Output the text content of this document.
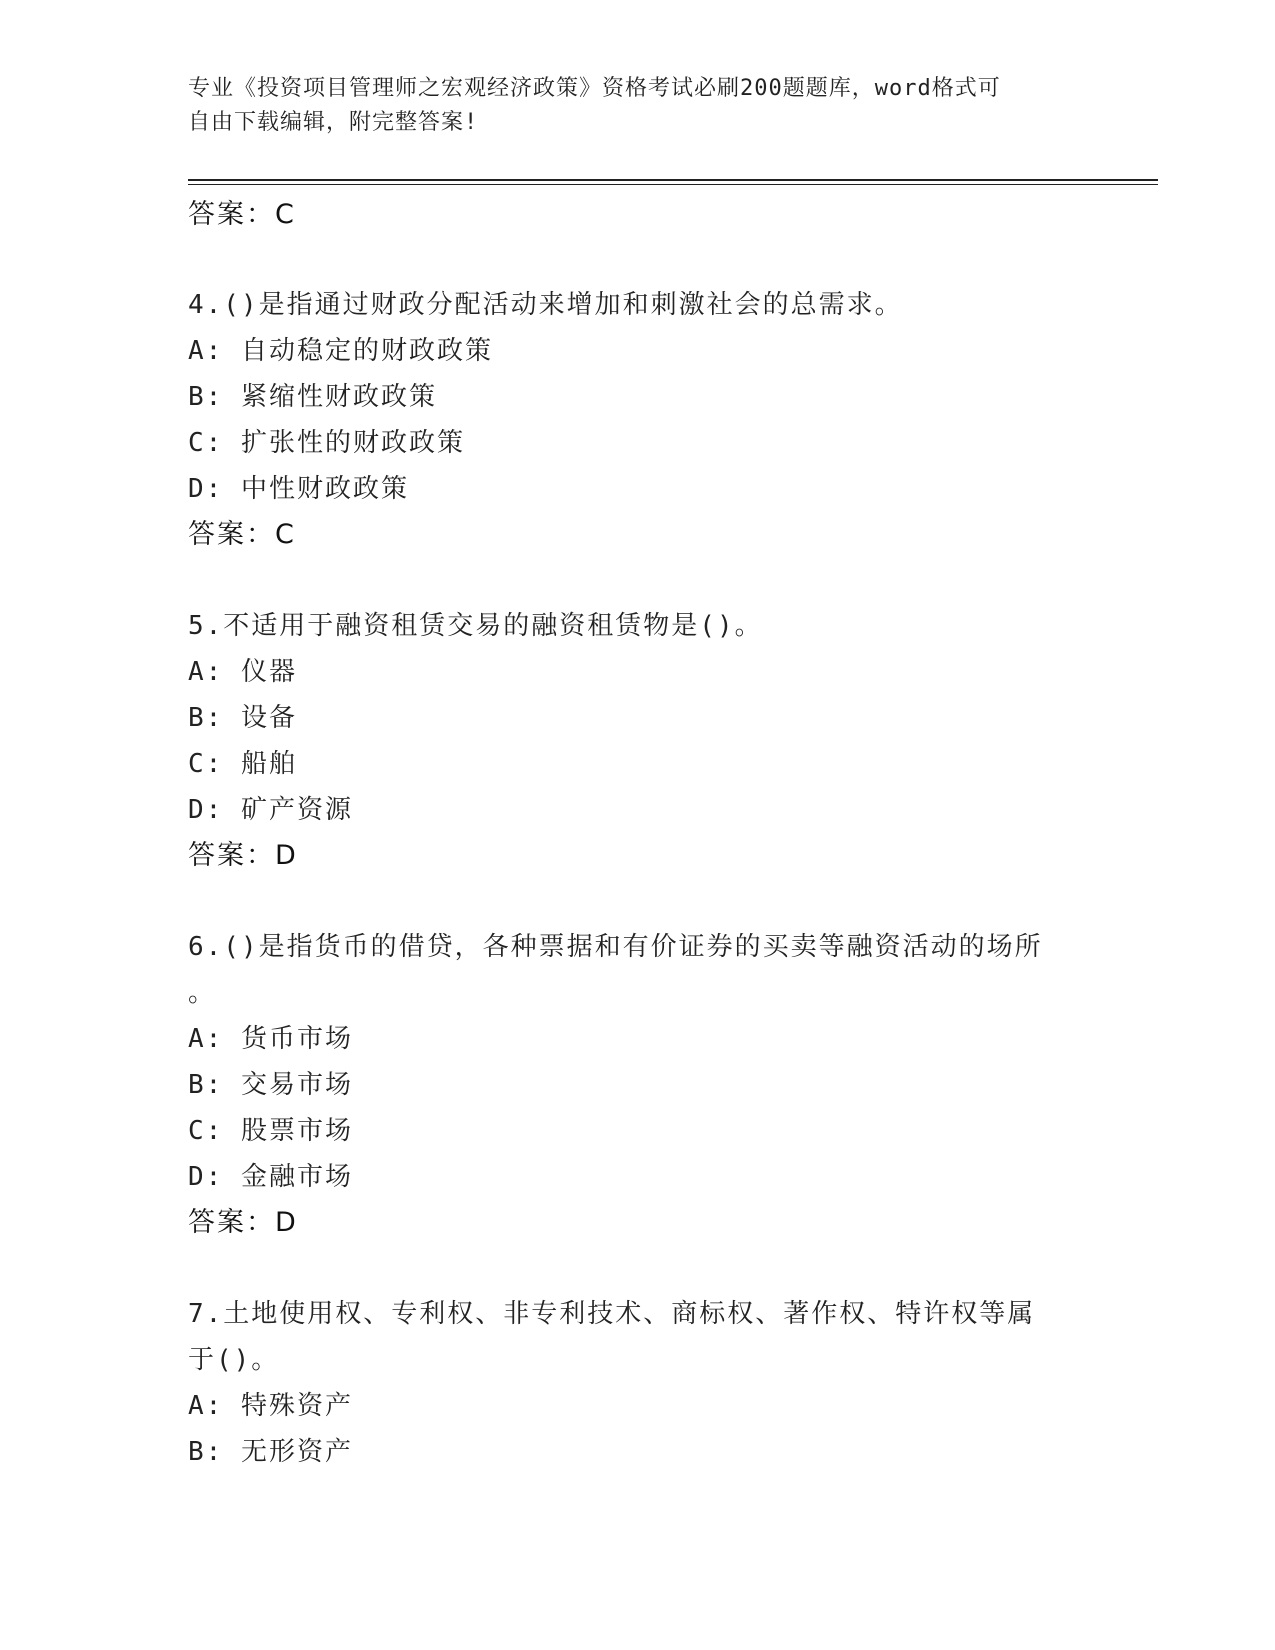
专业《投资项目管理师之宏观经济政策》资格考试必刷200题题库，word格式可
自由下载编辑，附完整答案!
答案：C
4.()是指通过财政分配活动来增加和刺激社会的总需求。
A: 自动稳定的财政政策
B: 紧缩性财政政策
C: 扩张性的财政政策
D: 中性财政政策
答案：C
5.不适用于融资租赁交易的融资租赁物是()。
A: 仪器
B: 设备
C: 船舶
D: 矿产资源
答案：D
6.()是指货币的借贷，各种票据和有价证券的买卖等融资活动的场所
。
A: 货币市场
B: 交易市场
C: 股票市场
D: 金融市场
答案：D
7.土地使用权、专利权、非专利技术、商标权、著作权、特许权等属
于()。
A: 特殊资产
B: 无形资产
